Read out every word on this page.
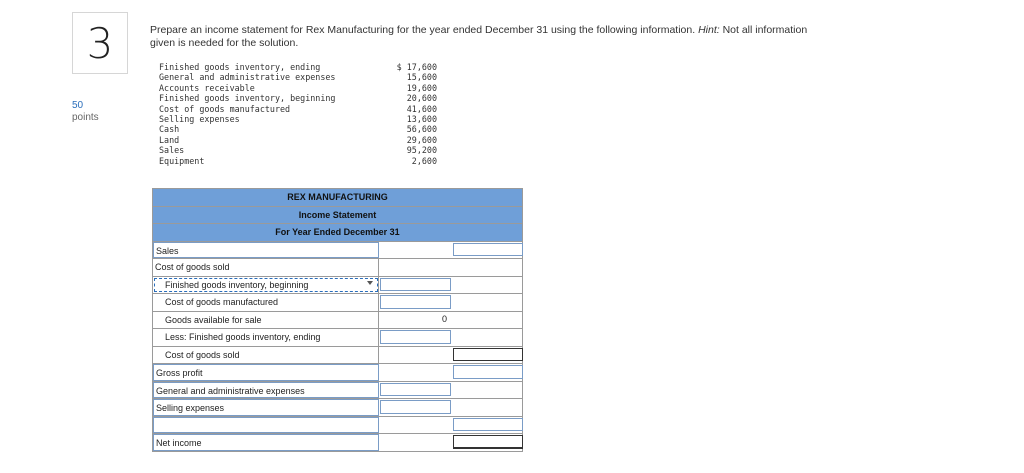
3
50
points
Prepare an income statement for Rex Manufacturing for the year ended December 31 using the following information. Hint: Not all information given is needed for the solution.
Finished goods inventory, ending	$ 17,600
General and administrative expenses	15,600
Accounts receivable	19,600
Finished goods inventory, beginning	20,600
Cost of goods manufactured	41,600
Selling expenses	13,600
Cash	56,600
Land	29,600
Sales	95,200
Equipment	2,600
REX MANUFACTURING
Income Statement
For Year Ended December 31
Sales
Cost of goods sold
Finished goods inventory, beginning
Cost of goods manufactured
Goods available for sale	0
Less: Finished goods inventory, ending
Cost of goods sold
Gross profit
General and administrative expenses
Selling expenses
Net income
